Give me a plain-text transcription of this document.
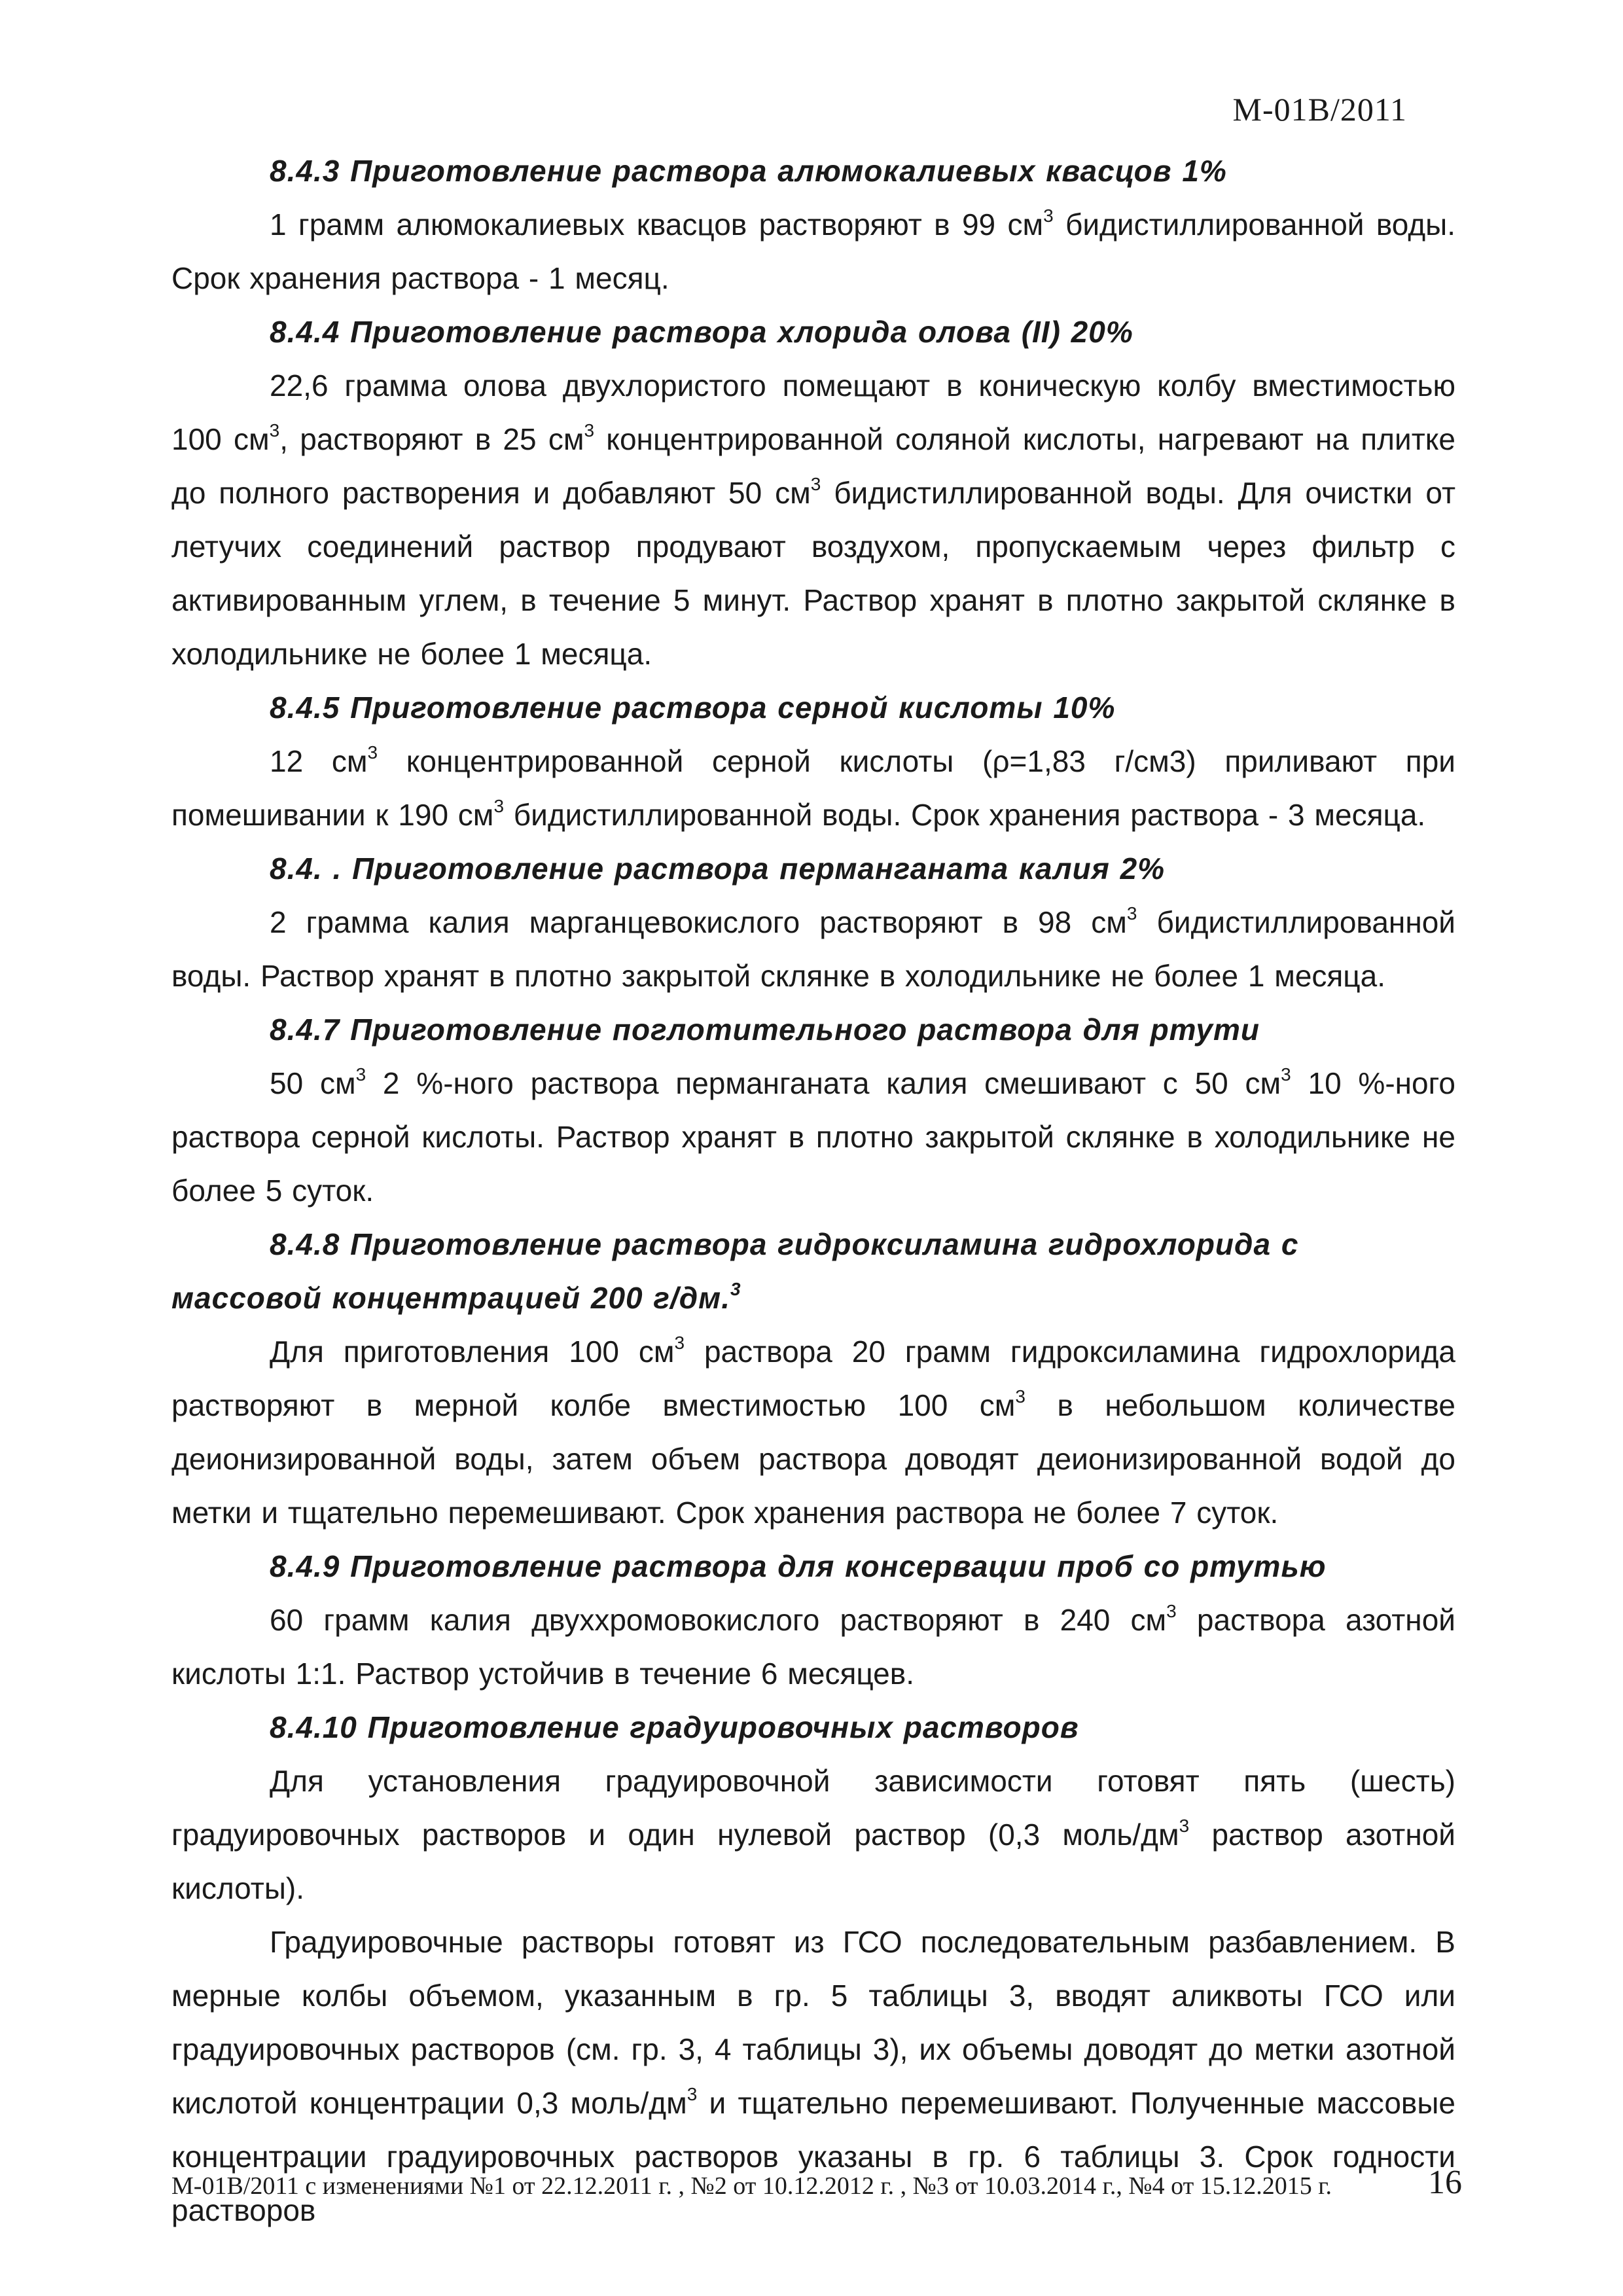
М-01В/2011
8.4.3 Приготовление раствора алюмокалиевых квасцов 1%

1 грамм алюмокалиевых квасцов растворяют в 99 $см^3$ бидистиллированной воды. Срок хранения раствора - 1 месяц.

8.4.4 Приготовление раствора хлорида олова (II) 20%

22,6 грамма олова двухлористого помещают в коническую колбу вместимостью 100 $см^3$, растворяют в 25 $см^3$ концентрированной соляной кислоты, нагревают на плитке до полного растворения и добавляют 50 $см^3$ бидистиллированной воды. Для очистки от летучих соединений раствор продувают воздухом, пропускаемым через фильтр с активированным углем, в течение 5 минут. Раствор хранят в плотно закрытой склянке в холодильнике не более 1 месяца.

8.4.5 Приготовление раствора серной кислоты 10%

12 $см^3$ концентрированной серной кислоты (ρ=1,83 г/см3) приливают при помешивании к 190 $см^3$ бидистиллированной воды. Срок хранения раствора - 3 месяца.

8.4. . Приготовление раствора перманганата калия 2%

2 грамма калия марганцевокислого растворяют в 98 $см^3$ бидистиллированной воды. Раствор хранят в плотно закрытой склянке в холодильнике не более 1 месяца.

8.4.7 Приготовление поглотительного раствора для ртути

50 $см^3$ 2 %-ного раствора перманганата калия смешивают с 50 $см^3$ 10 %-ного раствора серной кислоты. Раствор хранят в плотно закрытой склянке в холодильнике не более 5 суток.

8.4.8 Приготовление раствора гидроксиламина гидрохлорида с массовой концентрацией 200 г/дм.$^3$

Для приготовления 100 $см^3$ раствора 20 грамм гидроксиламина гидрохлорида растворяют в мерной колбе вместимостью 100 $см^3$ в небольшом количестве деионизированной воды, затем объем раствора доводят деионизированной водой до метки и тщательно перемешивают. Срок хранения раствора не более 7 суток.

8.4.9 Приготовление раствора для консервации проб со ртутью

60 грамм калия двуххромовокислого растворяют в 240 $см^3$ раствора азотной кислоты 1:1. Раствор устойчив в течение 6 месяцев.

8.4.10 Приготовление градуировочных растворов

Для установления градуировочной зависимости готовят пять (шесть) градуировочных растворов и один нулевой раствор (0,3 моль/$дм^3$ раствор азотной кислоты).

Градуировочные растворы готовят из ГСО последовательным разбавлением. В мерные колбы объемом, указанным в гр. 5 таблицы 3, вводят аликвоты ГСО или градуировочных растворов (см. гр. 3, 4 таблицы 3), их объемы доводят до метки азотной кислотой концентрации 0,3 моль/$дм^3$ и тщательно перемешивают. Полученные массовые концентрации градуировочных растворов указаны в гр. 6 таблицы 3. Срок годности растворов

М-01В/2011 с изменениями №1 от 22.12.2011 г. , №2 от 10.12.2012 г. , №3 от 10.03.2014 г., №4 от 15.12.2015 г.	16
